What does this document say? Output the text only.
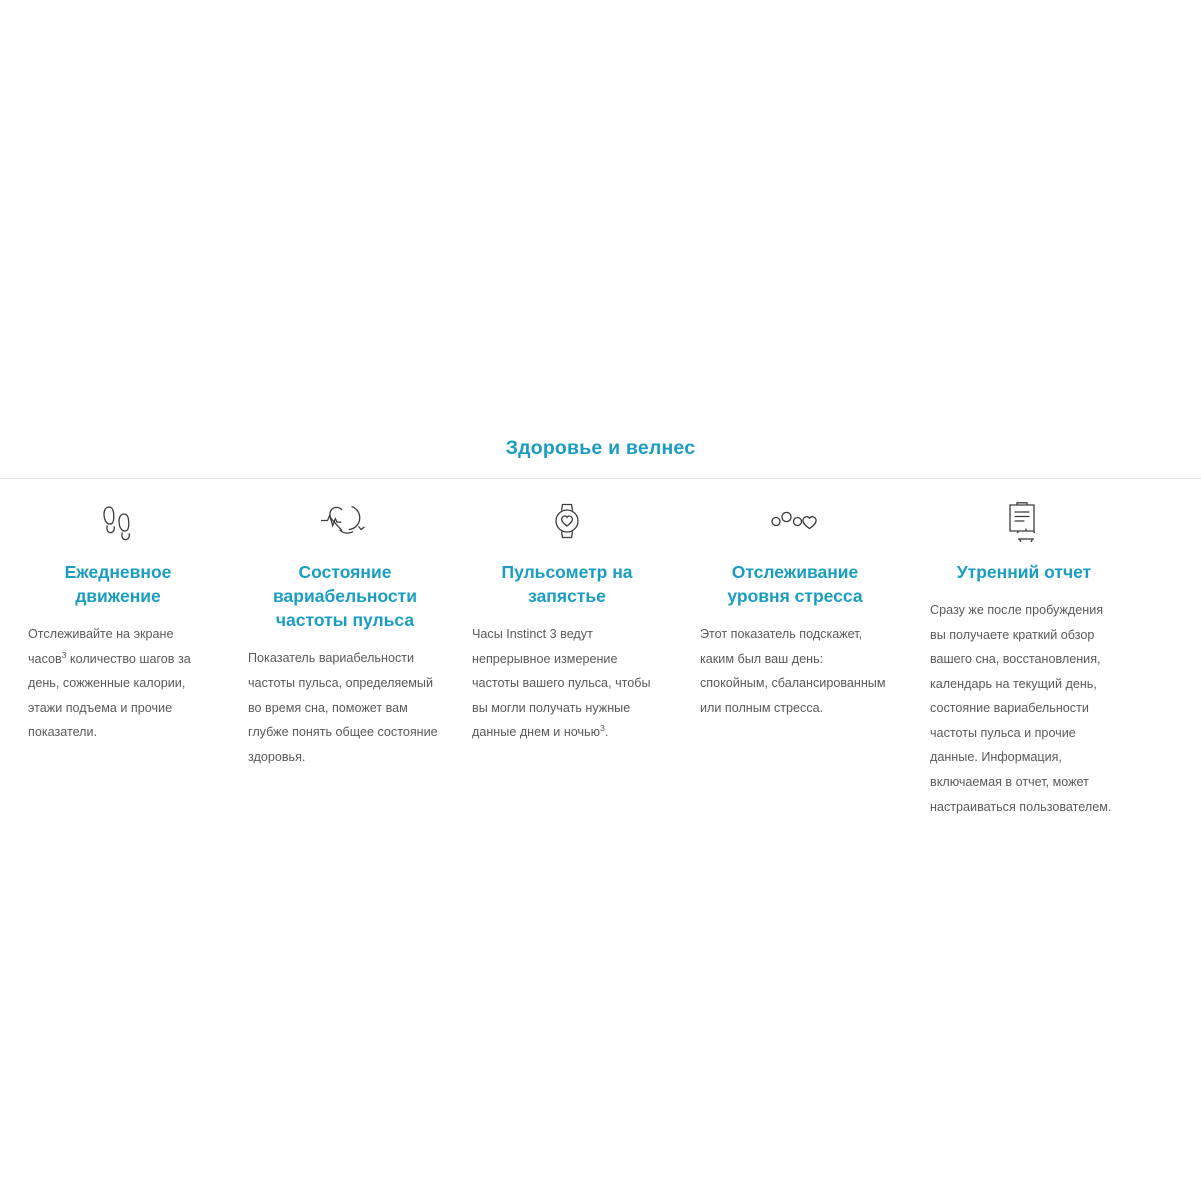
Здоровье и велнес
Ежедневное движение

Отслеживайте на экране часов$^3$ количество шагов за день, сожженные калории, этажи подъема и прочие показатели.

Состояние вариабельности частоты пульса

Показатель вариабельности частоты пульса, определяемый во время сна, поможет вам глубже понять общее состояние здоровья.

Пульсометр на запястье

Часы Instinct 3 ведут непрерывное измерение частоты вашего пульса, чтобы вы могли получать нужные данные днем и ночью$^3$.

Отслеживание уровня стресса

Этот показатель подскажет, каким был ваш день: спокойным, сбалансированным или полным стресса.

Утренний отчет

Сразу же после пробуждения вы получаете краткий обзор вашего сна, восстановления, календарь на текущий день, состояние вариабельности частоты пульса и прочие данные. Информация, включаемая в отчет, может настраиваться пользователем.
